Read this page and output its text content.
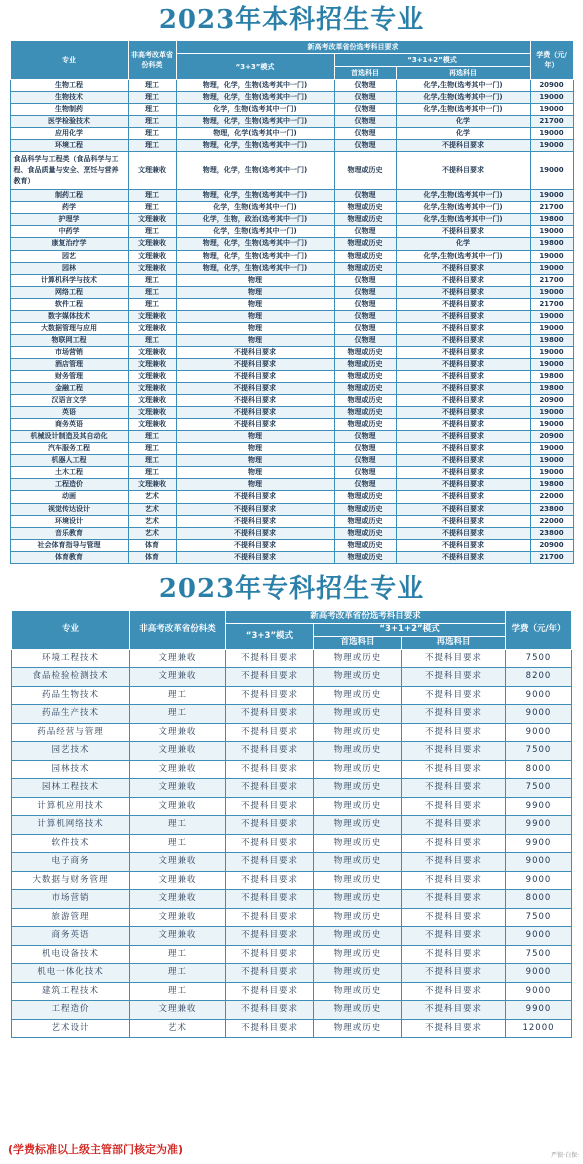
2023年本科招生专业
专业	非高考改革省份科类	新高考改革省份选考科目要求			学费（元/年）
		“3+3”模式	“3+1+2”模式		
			首选科目	再选科目	
生物工程	理工	物理，化学，生物(选考其中一门)	仅物理	化学,生物(选考其中一门)	20900
生物技术	理工	物理，化学，生物(选考其中一门)	仅物理	化学,生物(选考其中一门)	19000
生物制药	理工	化学，生物(选考其中一门)	仅物理	化学,生物(选考其中一门)	19000
医学检验技术	理工	物理，化学，生物(选考其中一门)	仅物理	化学	21700
应用化学	理工	物理，化学(选考其中一门)	仅物理	化学	19000
环境工程	理工	物理，化学，生物(选考其中一门)	仅物理	不提科目要求	19000
食品科学与工程类（食品科学与工程、食品质量与安全、烹饪与营养教育）	文理兼收	物理，化学，生物(选考其中一门)	物理或历史	不提科目要求	19000
制药工程	理工	物理，化学，生物(选考其中一门)	仅物理	化学,生物(选考其中一门)	19000
药学	理工	化学，生物(选考其中一门)	物理或历史	化学,生物(选考其中一门)	21700
护理学	文理兼收	化学，生物，政治(选考其中一门)	物理或历史	化学,生物(选考其中一门)	19800
中药学	理工	化学，生物(选考其中一门)	仅物理	不提科目要求	19000
康复治疗学	文理兼收	物理，化学，生物(选考其中一门)	物理或历史	化学	19800
园艺	文理兼收	物理，化学，生物(选考其中一门)	物理或历史	化学,生物(选考其中一门)	19000
园林	文理兼收	物理，化学，生物(选考其中一门)	物理或历史	不提科目要求	19000
计算机科学与技术	理工	物理	仅物理	不提科目要求	21700
网络工程	理工	物理	仅物理	不提科目要求	19000
软件工程	理工	物理	仅物理	不提科目要求	21700
数字媒体技术	文理兼收	物理	仅物理	不提科目要求	19000
大数据管理与应用	文理兼收	物理	仅物理	不提科目要求	19000
物联网工程	理工	物理	仅物理	不提科目要求	19800
市场营销	文理兼收	不提科目要求	物理或历史	不提科目要求	19000
酒店管理	文理兼收	不提科目要求	物理或历史	不提科目要求	19000
财务管理	文理兼收	不提科目要求	物理或历史	不提科目要求	19800
金融工程	文理兼收	不提科目要求	物理或历史	不提科目要求	19800
汉语言文学	文理兼收	不提科目要求	物理或历史	不提科目要求	20900
英语	文理兼收	不提科目要求	物理或历史	不提科目要求	19000
商务英语	文理兼收	不提科目要求	物理或历史	不提科目要求	19000
机械设计制造及其自动化	理工	物理	仅物理	不提科目要求	20900
汽车服务工程	理工	物理	仅物理	不提科目要求	19000
机器人工程	理工	物理	仅物理	不提科目要求	19000
土木工程	理工	物理	仅物理	不提科目要求	19000
工程造价	文理兼收	物理	仅物理	不提科目要求	19800
动画	艺术	不提科目要求	物理或历史	不提科目要求	22000
视觉传达设计	艺术	不提科目要求	物理或历史	不提科目要求	23800
环境设计	艺术	不提科目要求	物理或历史	不提科目要求	22000
音乐教育	艺术	不提科目要求	物理或历史	不提科目要求	23800
社会体育指导与管理	体育	不提科目要求	物理或历史	不提科目要求	20900
体育教育	体育	不提科目要求	物理或历史	不提科目要求	21700
2023年专科招生专业
专业	非高考改革省份科类	新高考改革省份选考科目要求			学费（元/年）
		“3+3”模式	“3+1+2”模式		
			首选科目	再选科目	
环境工程技术	文理兼收	不提科目要求	物理或历史	不提科目要求	7500
食品检验检测技术	文理兼收	不提科目要求	物理或历史	不提科目要求	8200
药品生物技术	理工	不提科目要求	物理或历史	不提科目要求	9000
药品生产技术	理工	不提科目要求	物理或历史	不提科目要求	9000
药品经营与管理	文理兼收	不提科目要求	物理或历史	不提科目要求	9000
园艺技术	文理兼收	不提科目要求	物理或历史	不提科目要求	7500
园林技术	文理兼收	不提科目要求	物理或历史	不提科目要求	8000
园林工程技术	文理兼收	不提科目要求	物理或历史	不提科目要求	7500
计算机应用技术	文理兼收	不提科目要求	物理或历史	不提科目要求	9900
计算机网络技术	理工	不提科目要求	物理或历史	不提科目要求	9900
软件技术	理工	不提科目要求	物理或历史	不提科目要求	9900
电子商务	文理兼收	不提科目要求	物理或历史	不提科目要求	9000
大数据与财务管理	文理兼收	不提科目要求	物理或历史	不提科目要求	9000
市场营销	文理兼收	不提科目要求	物理或历史	不提科目要求	8000
旅游管理	文理兼收	不提科目要求	物理或历史	不提科目要求	7500
商务英语	文理兼收	不提科目要求	物理或历史	不提科目要求	9000
机电设备技术	理工	不提科目要求	物理或历史	不提科目要求	7500
机电一体化技术	理工	不提科目要求	物理或历史	不提科目要求	9000
建筑工程技术	理工	不提科目要求	物理或历史	不提科目要求	9000
工程造价	文理兼收	不提科目要求	物理或历史	不提科目要求	9900
艺术设计	艺术	不提科目要求	物理或历史	不提科目要求	12000
(学费标准以上级主管部门核定为准)	严银·白保·
